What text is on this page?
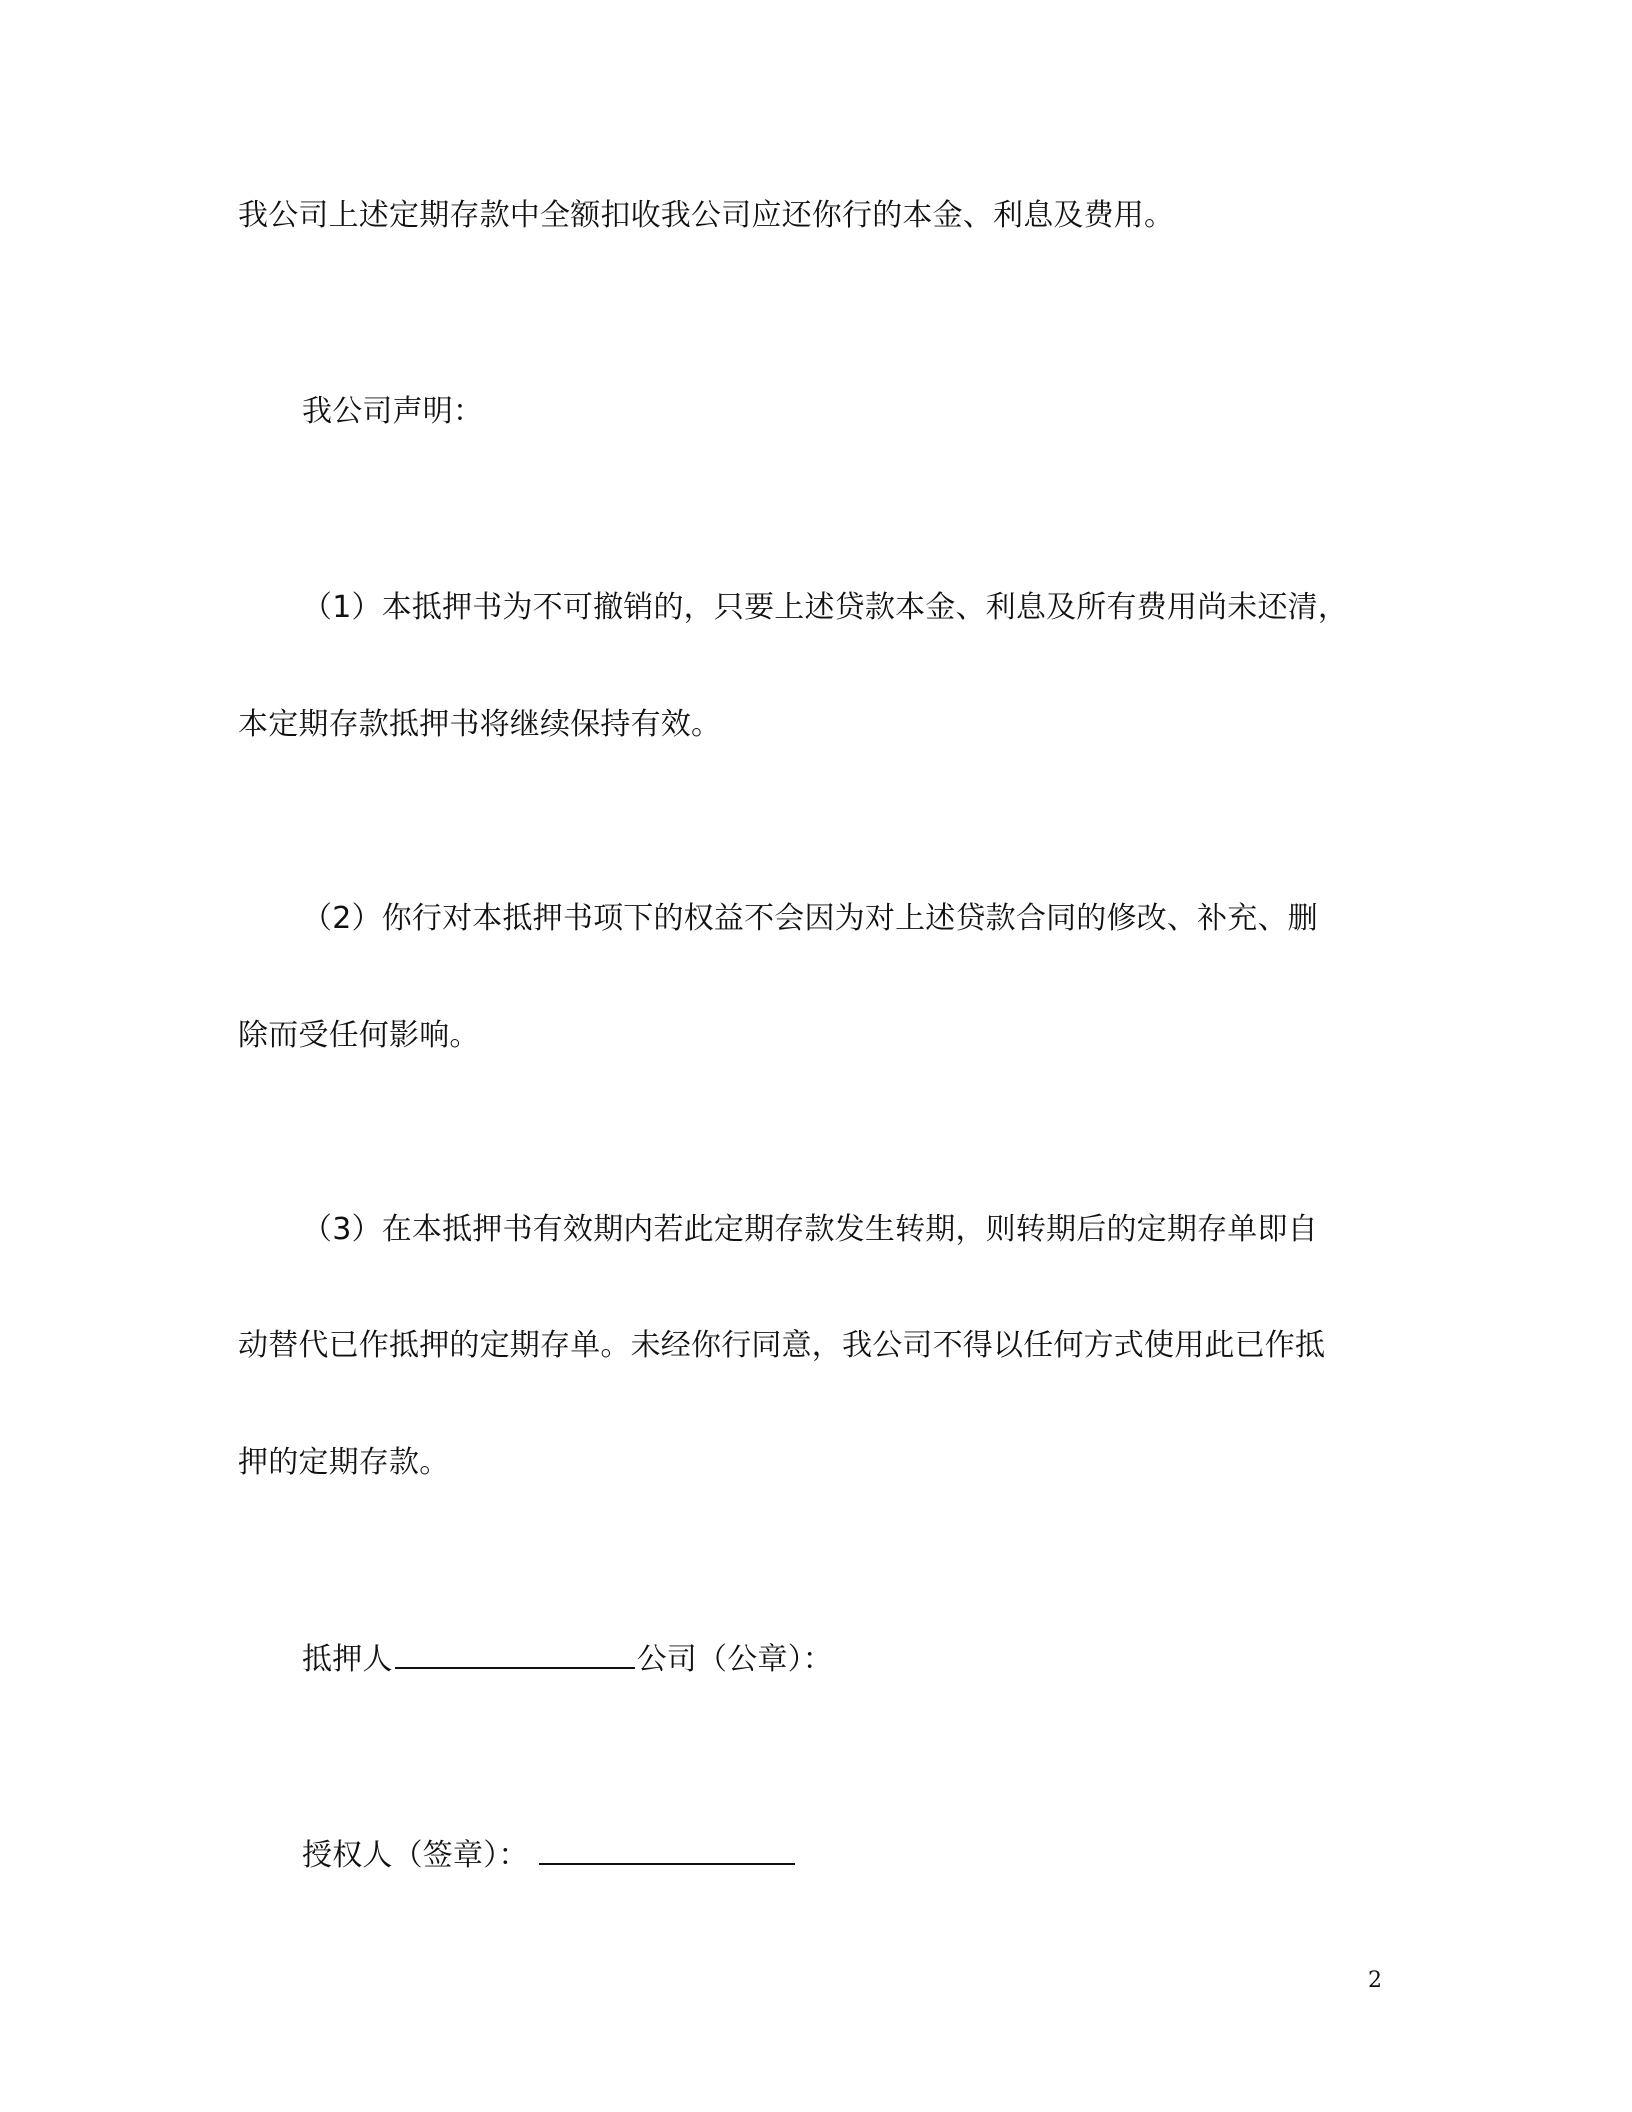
我公司上述定期存款中全额扣收我公司应还你行的本金、利息及费用。
我公司声明：
（1）本抵押书为不可撤销的，只要上述贷款本金、利息及所有费用尚未还清，
本定期存款抵押书将继续保持有效。
（2）你行对本抵押书项下的权益不会因为对上述贷款合同的修改、补充、删
除而受任何影响。
（3）在本抵押书有效期内若此定期存款发生转期，则转期后的定期存单即自
动替代已作抵押的定期存单。未经你行同意，我公司不得以任何方式使用此已作抵
押的定期存款。
抵押人	公司（公章）：
授权人（签章）：
2
